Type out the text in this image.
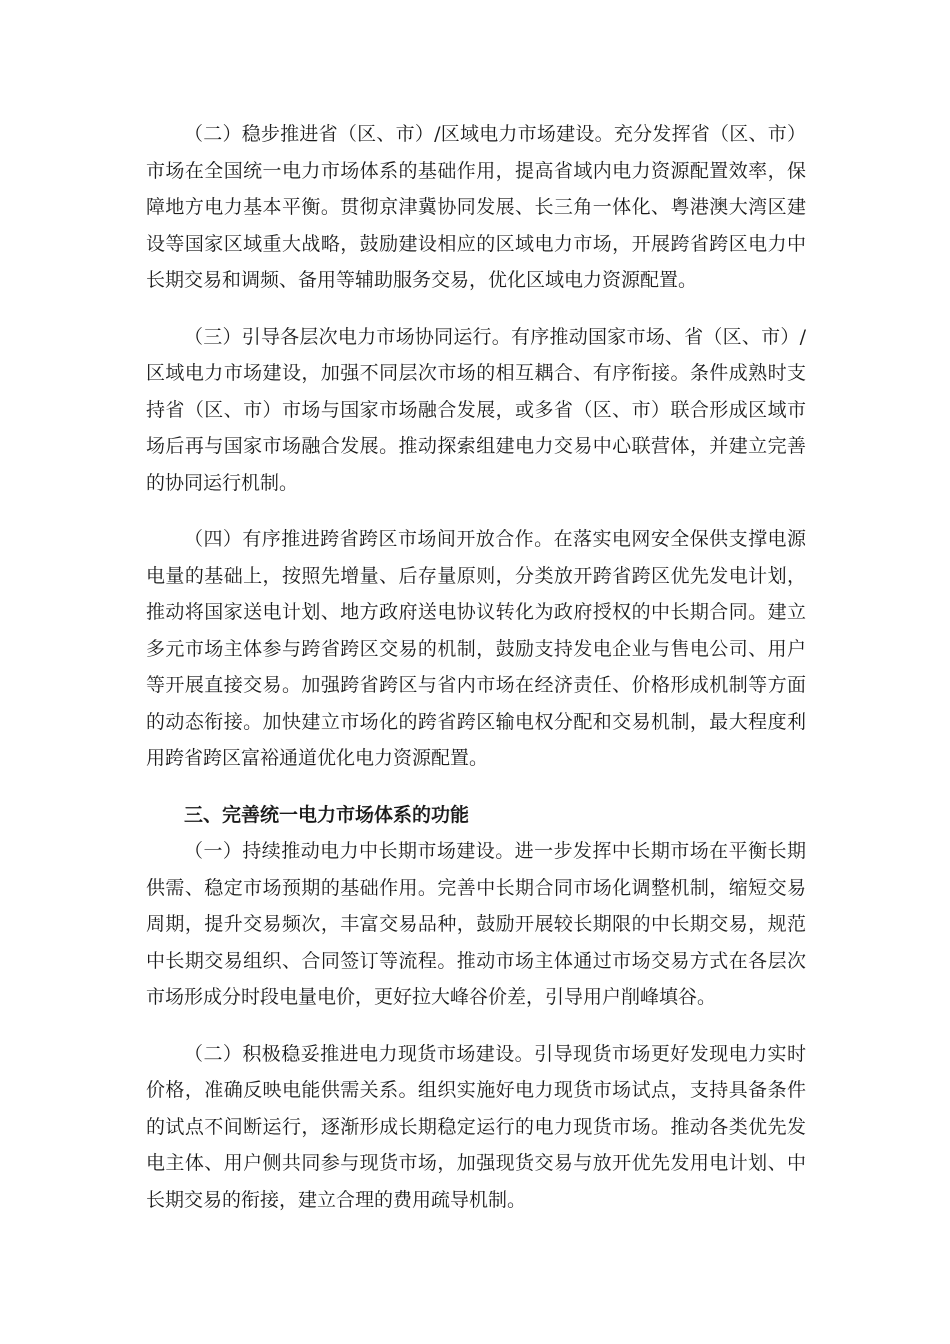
（二）稳步推进省（区、市）/区域电力市场建设。充分发挥省（区、市）市场在全国统一电力市场体系的基础作用，提高省域内电力资源配置效率，保障地方电力基本平衡。贯彻京津冀协同发展、长三角一体化、粤港澳大湾区建设等国家区域重大战略，鼓励建设相应的区域电力市场，开展跨省跨区电力中长期交易和调频、备用等辅助服务交易，优化区域电力资源配置。

（三）引导各层次电力市场协同运行。有序推动国家市场、省（区、市）/区域电力市场建设，加强不同层次市场的相互耦合、有序衔接。条件成熟时支持省（区、市）市场与国家市场融合发展，或多省（区、市）联合形成区域市场后再与国家市场融合发展。推动探索组建电力交易中心联营体，并建立完善的协同运行机制。

（四）有序推进跨省跨区市场间开放合作。在落实电网安全保供支撑电源电量的基础上，按照先增量、后存量原则，分类放开跨省跨区优先发电计划，推动将国家送电计划、地方政府送电协议转化为政府授权的中长期合同。建立多元市场主体参与跨省跨区交易的机制，鼓励支持发电企业与售电公司、用户等开展直接交易。加强跨省跨区与省内市场在经济责任、价格形成机制等方面的动态衔接。加快建立市场化的跨省跨区输电权分配和交易机制，最大程度利用跨省跨区富裕通道优化电力资源配置。

三、完善统一电力市场体系的功能

（一）持续推动电力中长期市场建设。进一步发挥中长期市场在平衡长期供需、稳定市场预期的基础作用。完善中长期合同市场化调整机制，缩短交易周期，提升交易频次，丰富交易品种，鼓励开展较长期限的中长期交易，规范中长期交易组织、合同签订等流程。推动市场主体通过市场交易方式在各层次市场形成分时段电量电价，更好拉大峰谷价差，引导用户削峰填谷。

（二）积极稳妥推进电力现货市场建设。引导现货市场更好发现电力实时价格，准确反映电能供需关系。组织实施好电力现货市场试点，支持具备条件的试点不间断运行，逐渐形成长期稳定运行的电力现货市场。推动各类优先发电主体、用户侧共同参与现货市场，加强现货交易与放开优先发用电计划、中长期交易的衔接，建立合理的费用疏导机制。
